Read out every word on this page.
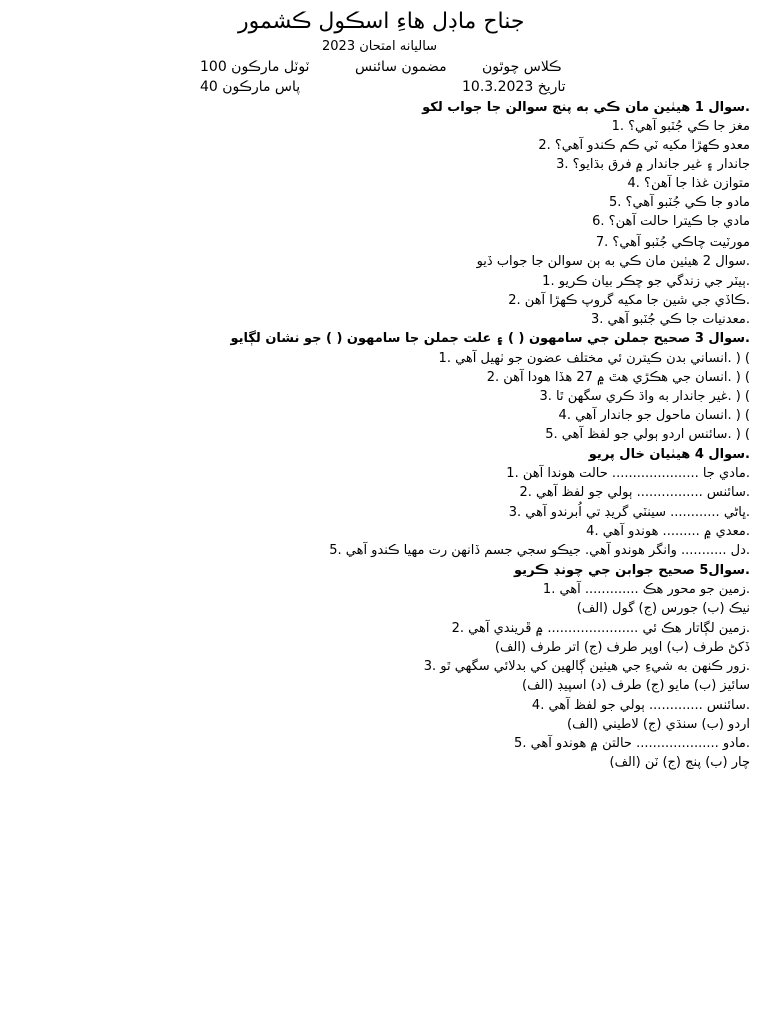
جناح ماڊل هاءِ اسڪول ڪشمور
سالیانه امتحان 2023
ڪلاس چوٿون
مضمون سائنس
ٽوٽل مارڪون 100
تاريخ 10.3.2023
پاس مارڪون 40
.سوال 1 هيٺين مان ڪي به پنج سوالن جا جواب لکو
مغز جا ڪي جُٽبو آهي؟ .1
معدو ڪهڙا مکيه ٽي ڪم ڪندو آهي؟ .2
جاندار ۽ غير جاندار ۾ فرق بڌايو؟ .3
متوازن غذا جا آهن؟ .4
مادو جا ڪي جُٽبو آهي؟ .5
مادي جا ڪيترا حالت آهن؟ .6
مورٽيت چاڪي جُٽبو آهي؟ .7
.سوال 2 هيٺين مان ڪي به ٻن سوالن جا جواب ڏيو
.ٻيٽر جي زندگي جو چڪر بيان ڪريو .1
.ڪاڏي جي شين جا مکيه گروپ ڪهڙا آهن .2
.معدنيات جا ڪي جُٽبو آهي .3
.سوال 3 صحيح جملن جي سامهون ( ) ۽ علت جملن جا سامهون ( ) جو نشان لڳايو
) ( .انساني بدن ڪيترن ئي مختلف عضون جو ٺهيل آهي .1
) ( .انسان جي هڪڙي هٿ ۾ 27 هڏا هودا آهن .2
) ( .غير جاندار به واڌ ڪري سگهن ٿا .3
) ( .انسان ماحول جو جاندار آهي .4
) ( .سائنس اردو ٻولي جو لفظ آهي .5
.سوال 4 هيٺيان خال پريو
.مادي جا ..................... حالت هوندا آهن .1
.سائنس ................ ٻولي جو لفظ آهي .2
.ڀاڻي ............ سينٽي گريڊ تي اُبرندو آهي .3
.معدي ۾ ......... هوندو آهي .4
.دل ........... وانگر هوندو آهي. جيڪو سجي جسم ڏانهن رت مهيا ڪندو آهي .5
.سوال5 صحيح جوابن جي چونڊ ڪريو
.زمين جو محور هڪ ............. آهي .1
نيڪ (ب) جورس (ج) گول (الف)
.زمين لڳاتار هڪ ئي ...................... ۾ ڦريندي آهي .2
ڏکڻ طرف (ب) اوپر طرف (ج) اتر طرف (الف)
.زور ڪنهن به شيءِ جي هيٺين ڳالهين کي بدلائي سگهي ٿو .3
سائيز (ب) مايو (ج) طرف (د) اسپيڊ (الف)
.سائنس ............. ٻولي جو لفظ آهي .4
اردو (ب) سنڌي (ج) لاطيني (الف)
.مادو .................... حالتن ۾ هوندو آهي .5
چار (ب) پنج (ج) ٽن (الف)
